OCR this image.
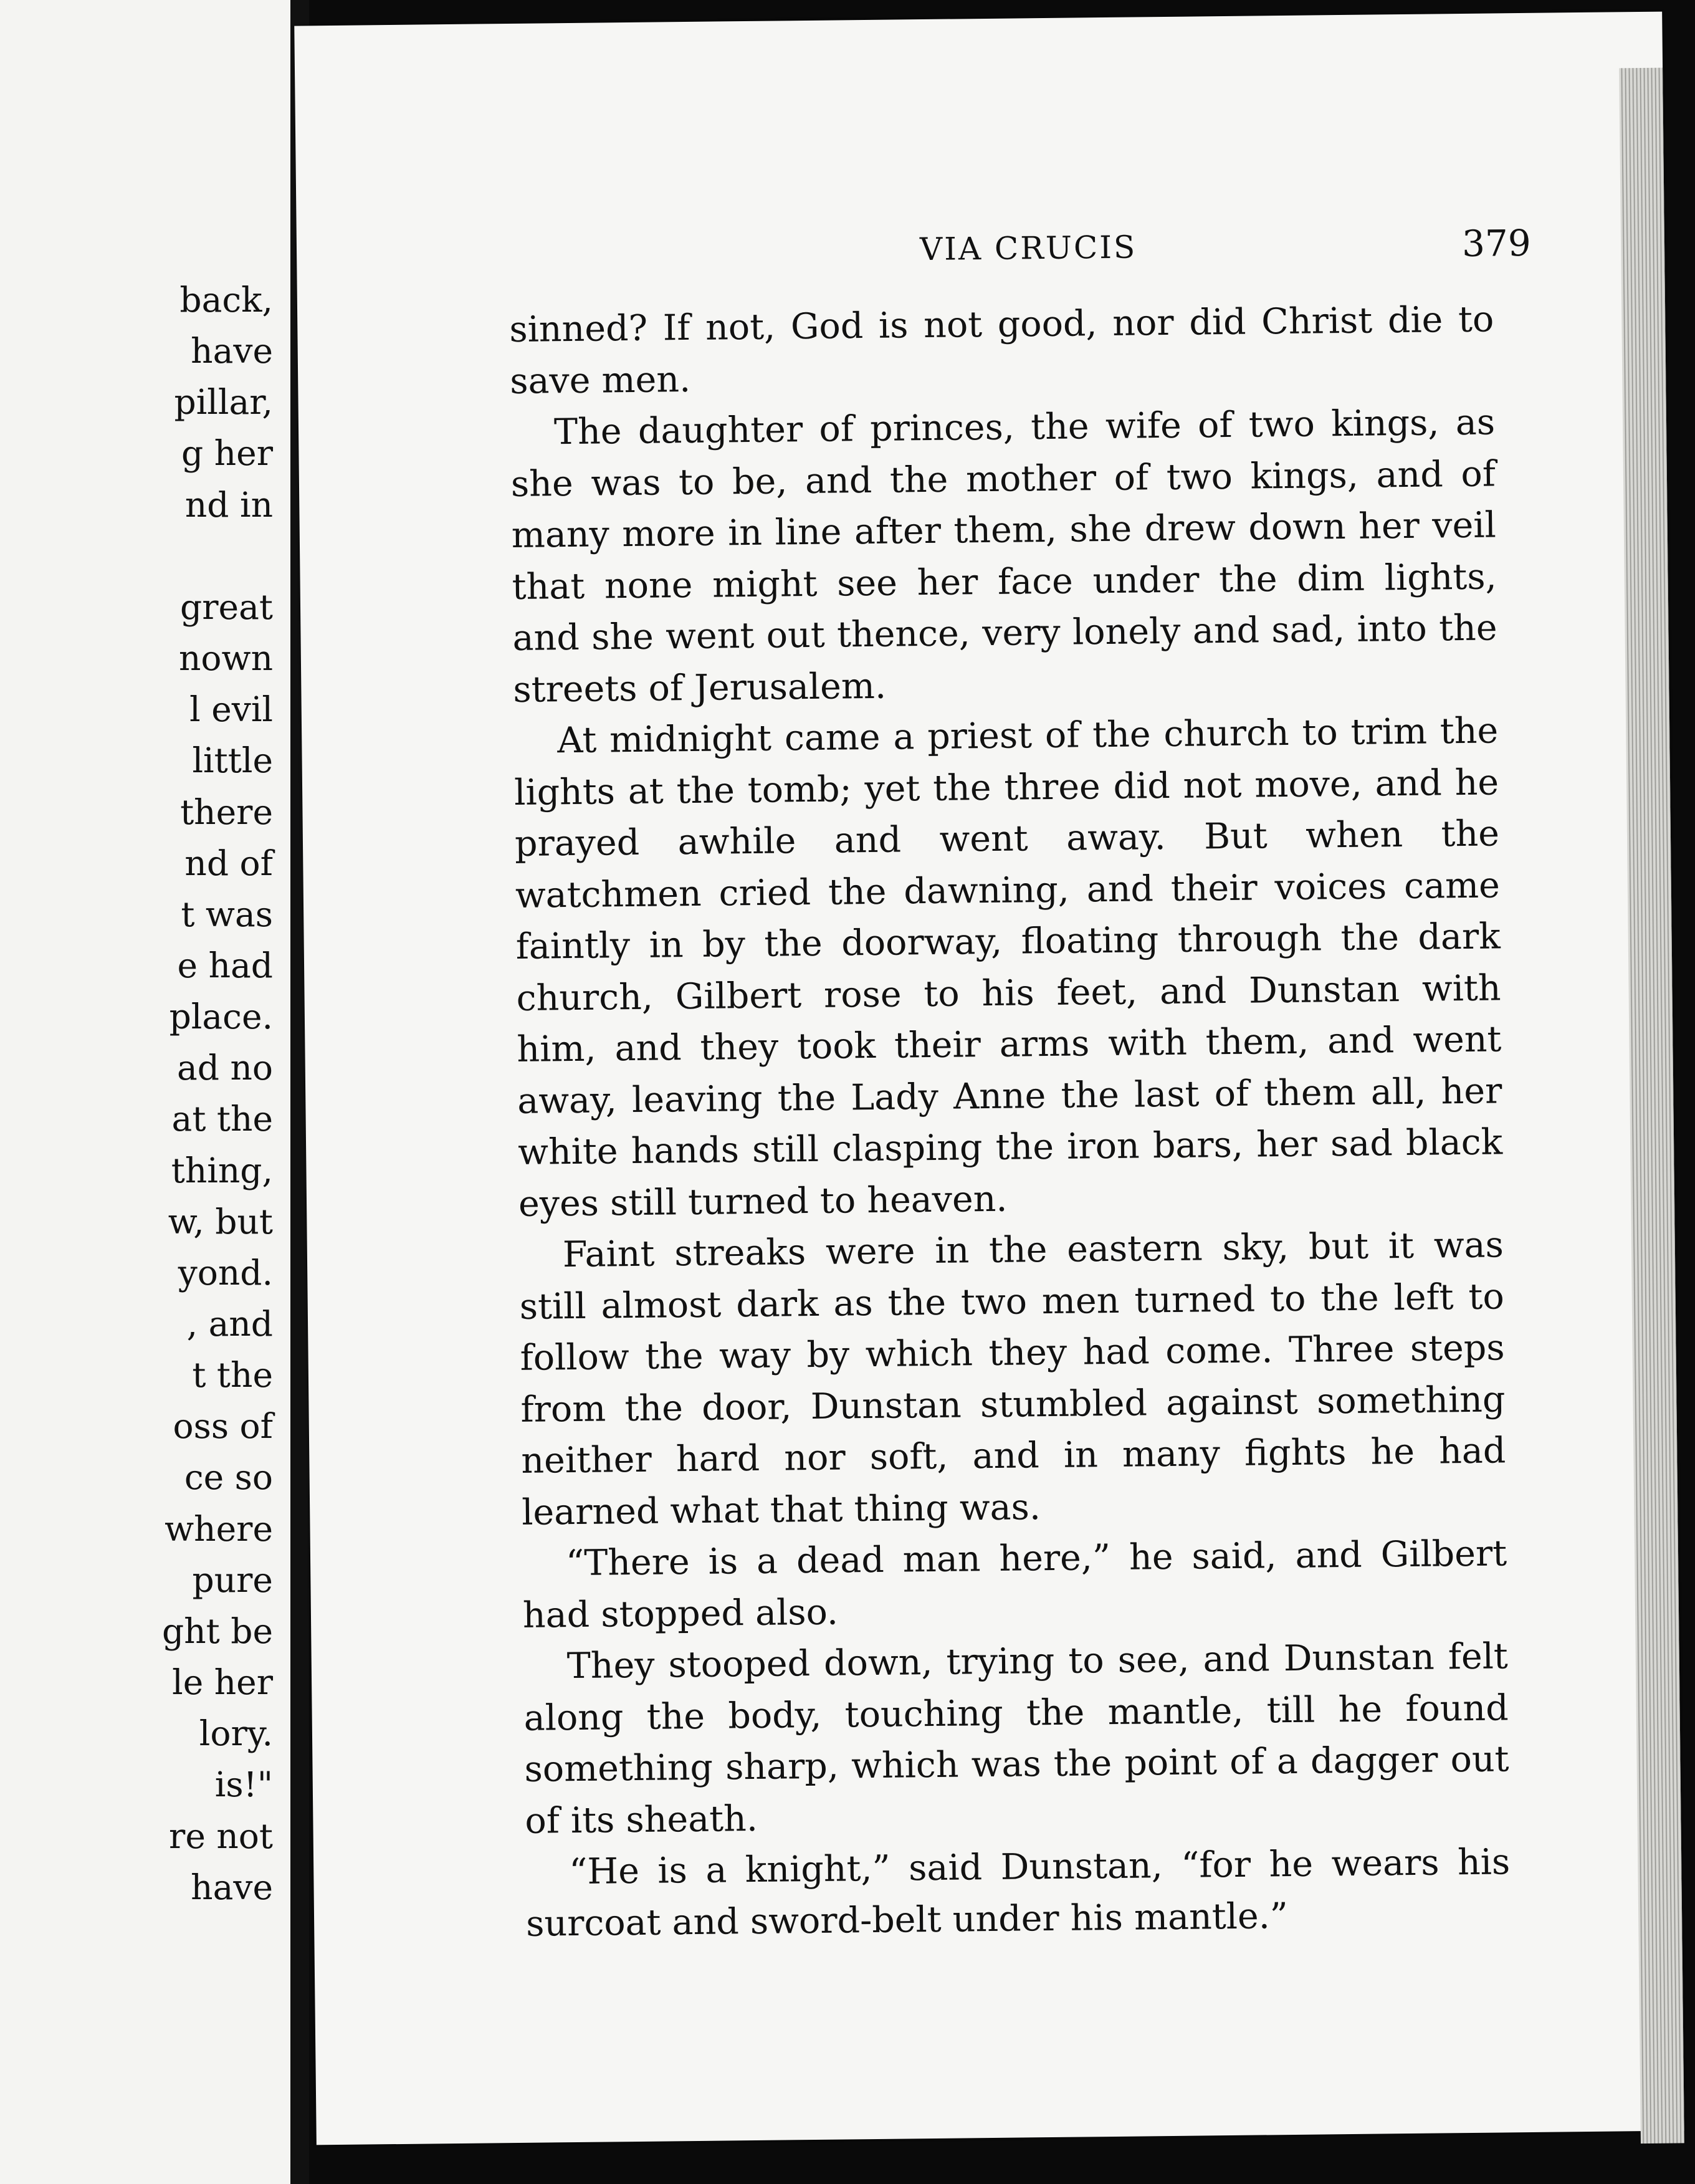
back,
have
pillar,
g her
nd in
great
nown
l evil
little
there
nd of
t was
e had
place.
ad no
at the
thing,
w, but
yond.
, and
t the
oss of
ce so
where
pure
ght be
le her
lory.
is!"
re not
have
VIA CRUCIS	379

sinned? If not, God is not good, nor did Christ die to save men.

The daughter of princes, the wife of two kings, as she was to be, and the mother of two kings, and of many more in line after them, she drew down her veil that none might see her face under the dim lights, and she went out thence, very lonely and sad, into the streets of Jerusalem.

At midnight came a priest of the church to trim the lights at the tomb; yet the three did not move, and he prayed awhile and went away. But when the watchmen cried the dawning, and their voices came faintly in by the doorway, floating through the dark church, Gilbert rose to his feet, and Dunstan with him, and they took their arms with them, and went away, leaving the Lady Anne the last of them all, her white hands still clasping the iron bars, her sad black eyes still turned to heaven.

Faint streaks were in the eastern sky, but it was still almost dark as the two men turned to the left to follow the way by which they had come. Three steps from the door, Dunstan stumbled against something neither hard nor soft, and in many fights he had learned what that thing was.

“There is a dead man here,” he said, and Gilbert had stopped also.

They stooped down, trying to see, and Dunstan felt along the body, touching the mantle, till he found something sharp, which was the point of a dagger out of its sheath.

“He is a knight,” said Dunstan, “for he wears his surcoat and sword-belt under his mantle.”
